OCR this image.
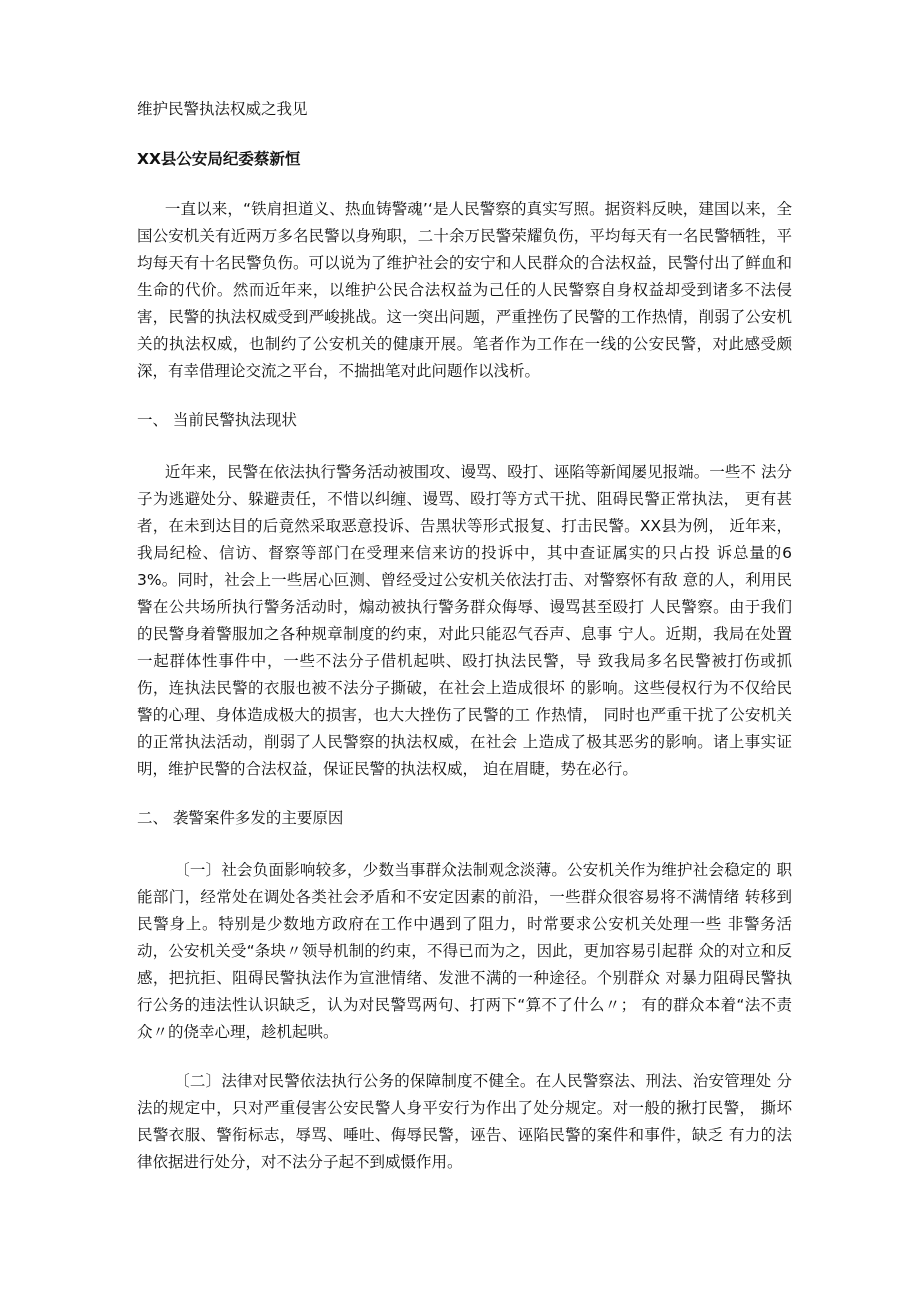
维护民警执法权威之我见
XX县公安局纪委蔡新恒

一直以来，“铁肩担道义、热血铸警魂’‘是人民警察的真实写照。据资料反映，建国以来，全国公安机关有近两万多名民警以身殉职，二十余万民警荣耀负伤，平均每天有一名民警牺牲，平均每天有十名民警负伤。可以说为了维护社会的安宁和人民群众的合法权益，民警付出了鲜血和生命的代价。然而近年来，以维护公民合法权益为己任的人民警察自身权益却受到诸多不法侵害，民警的执法权威受到严峻挑战。这一突出问题，严重挫伤了民警的工作热情，削弱了公安机关的执法权威，也制约了公安机关的健康开展。笔者作为工作在一线的公安民警，对此感受颇深，有幸借理论交流之平台，不揣拙笔对此问题作以浅析。

一、 当前民警执法现状

近年来，民警在依法执行警务活动被围攻、谩骂、殴打、诬陷等新闻屡见报端。一些不 法分子为逃避处分、躲避责任，不惜以纠缠、谩骂、殴打等方式干扰、阻碍民警正常执法， 更有甚者，在未到达目的后竟然采取恶意投诉、告黑状等形式报复、打击民警。XX县为例， 近年来，我局纪检、信访、督察等部门在受理来信来访的投诉中，其中查证属实的只占投 诉总量的63%。同时，社会上一些居心叵测、曾经受过公安机关依法打击、对警察怀有敌 意的人，利用民警在公共场所执行警务活动时，煽动被执行警务群众侮辱、谩骂甚至殴打 人民警察。由于我们的民警身着警服加之各种规章制度的约束，对此只能忍气吞声、息事 宁人。近期，我局在处置一起群体性事件中，一些不法分子借机起哄、殴打执法民警，导 致我局多名民警被打伤或抓伤，连执法民警的衣服也被不法分子撕破，在社会上造成很坏 的影响。这些侵权行为不仅给民警的心理、身体造成极大的损害，也大大挫伤了民警的工 作热情， 同时也严重干扰了公安机关的正常执法活动，削弱了人民警察的执法权威，在社会 上造成了极其恶劣的影响。诸上事实证明，维护民警的合法权益，保证民警的执法权威， 迫在眉睫，势在必行。

二、 袭警案件多发的主要原因

〔一〕社会负面影响较多，少数当事群众法制观念淡薄。公安机关作为维护社会稳定的 职能部门，经常处在调处各类社会矛盾和不安定因素的前沿，一些群众很容易将不满情绪 转移到民警身上。特别是少数地方政府在工作中遇到了阻力，时常要求公安机关处理一些 非警务活动，公安机关受“条块〃领导机制的约束，不得已而为之，因此，更加容易引起群 众的对立和反感，把抗拒、阻碍民警执法作为宣泄情绪、发泄不满的一种途径。个别群众 对暴力阻碍民警执行公务的违法性认识缺乏，认为对民警骂两句、打两下“算不了什么〃； 有的群众本着“法不责众〃的侥幸心理，趁机起哄。

〔二〕法律对民警依法执行公务的保障制度不健全。在人民警察法、刑法、治安管理处 分法的规定中，只对严重侵害公安民警人身平安行为作出了处分规定。对一般的揪打民警， 撕坏民警衣服、警衔标志，辱骂、唾吐、侮辱民警，诬告、诬陷民警的案件和事件，缺乏 有力的法律依据进行处分，对不法分子起不到威慑作用。
